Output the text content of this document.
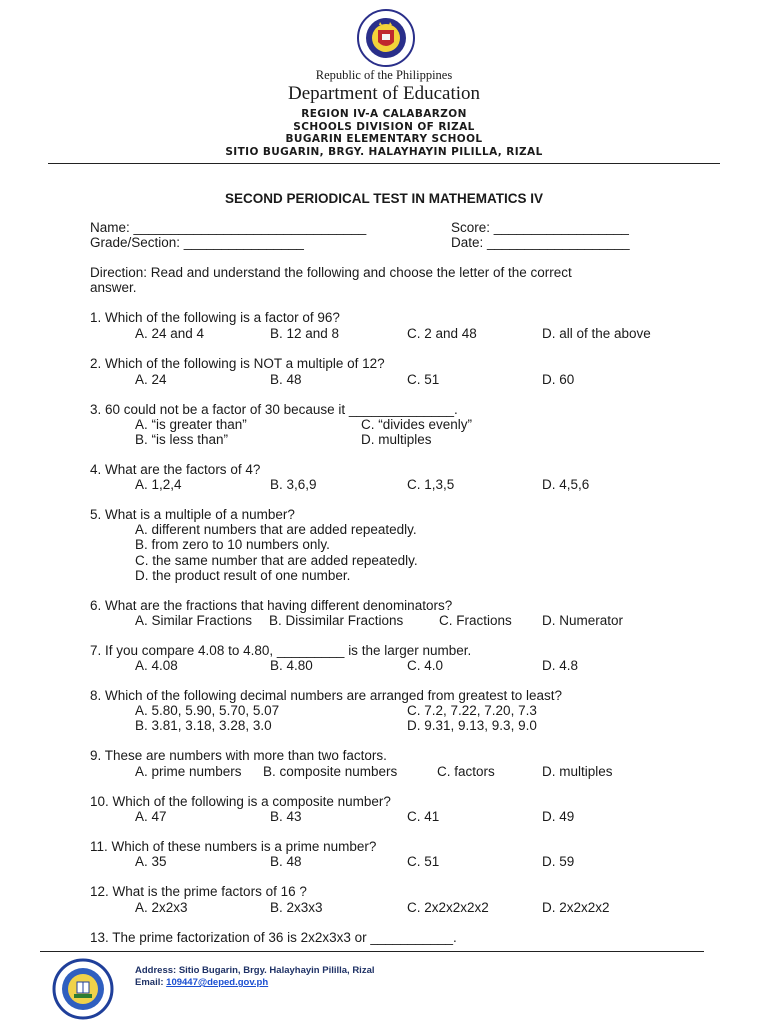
Republic of the Philippines
Department of Education
REGION IV-A CALABARZON
SCHOOLS DIVISION OF RIZAL
BUGARIN ELEMENTARY SCHOOL
SITIO BUGARIN, BRGY. HALAYHAYIN PILILLA, RIZAL
SECOND PERIODICAL TEST IN MATHEMATICS IV
Name: _______________________________	Score: __________________
Grade/Section: ________________	Date: ___________________
Direction: Read and understand the following and choose the letter of the correct
answer.
1. Which of the following is a factor of 96?
A. 24 and 4	B. 12 and 8	C. 2 and 48	D. all of the above
2. Which of the following is NOT a multiple of 12?
A. 24	B. 48	C. 51	D. 60
3. 60 could not be a factor of 30 because it ______________.
A. “is greater than”	C. “divides evenly”
B. “is less than”	D. multiples
4. What are the factors of 4?
A. 1,2,4	B. 3,6,9	C. 1,3,5	D. 4,5,6
5. What is a multiple of a number?
A. different numbers that are added repeatedly.
B. from zero to 10 numbers only.
C. the same number that are added repeatedly.
D. the product result of one number.
6. What are the fractions that having different denominators?
A. Similar Fractions B. Dissimilar Fractions	C. Fractions D. Numerator
7. If you compare 4.08 to 4.80, _________ is the larger number.
A. 4.08	B. 4.80	C. 4.0	D. 4.8
8. Which of the following decimal numbers are arranged from greatest to least?
A. 5.80, 5.90, 5.70, 5.07	C. 7.2, 7.22, 7.20, 7.3
B. 3.81, 3.18, 3.28, 3.0	D. 9.31, 9.13, 9.3, 9.0
9. These are numbers with more than two factors.
A. prime numbers B. composite numbers	C. factors	D. multiples
10. Which of the following is a composite number?
A. 47	B. 43	C. 41	D. 49
11. Which of these numbers is a prime number?
A. 35	B. 48	C. 51	D. 59
12. What is the prime factors of 16 ?
A. 2x2x3	B. 2x3x3	C. 2x2x2x2x2	D. 2x2x2x2
13. The prime factorization of 36 is 2x2x3x3 or ___________.
Address: Sitio Bugarin, Brgy. Halayhayin Pililla, Rizal
Email: 109447@deped.gov.ph
